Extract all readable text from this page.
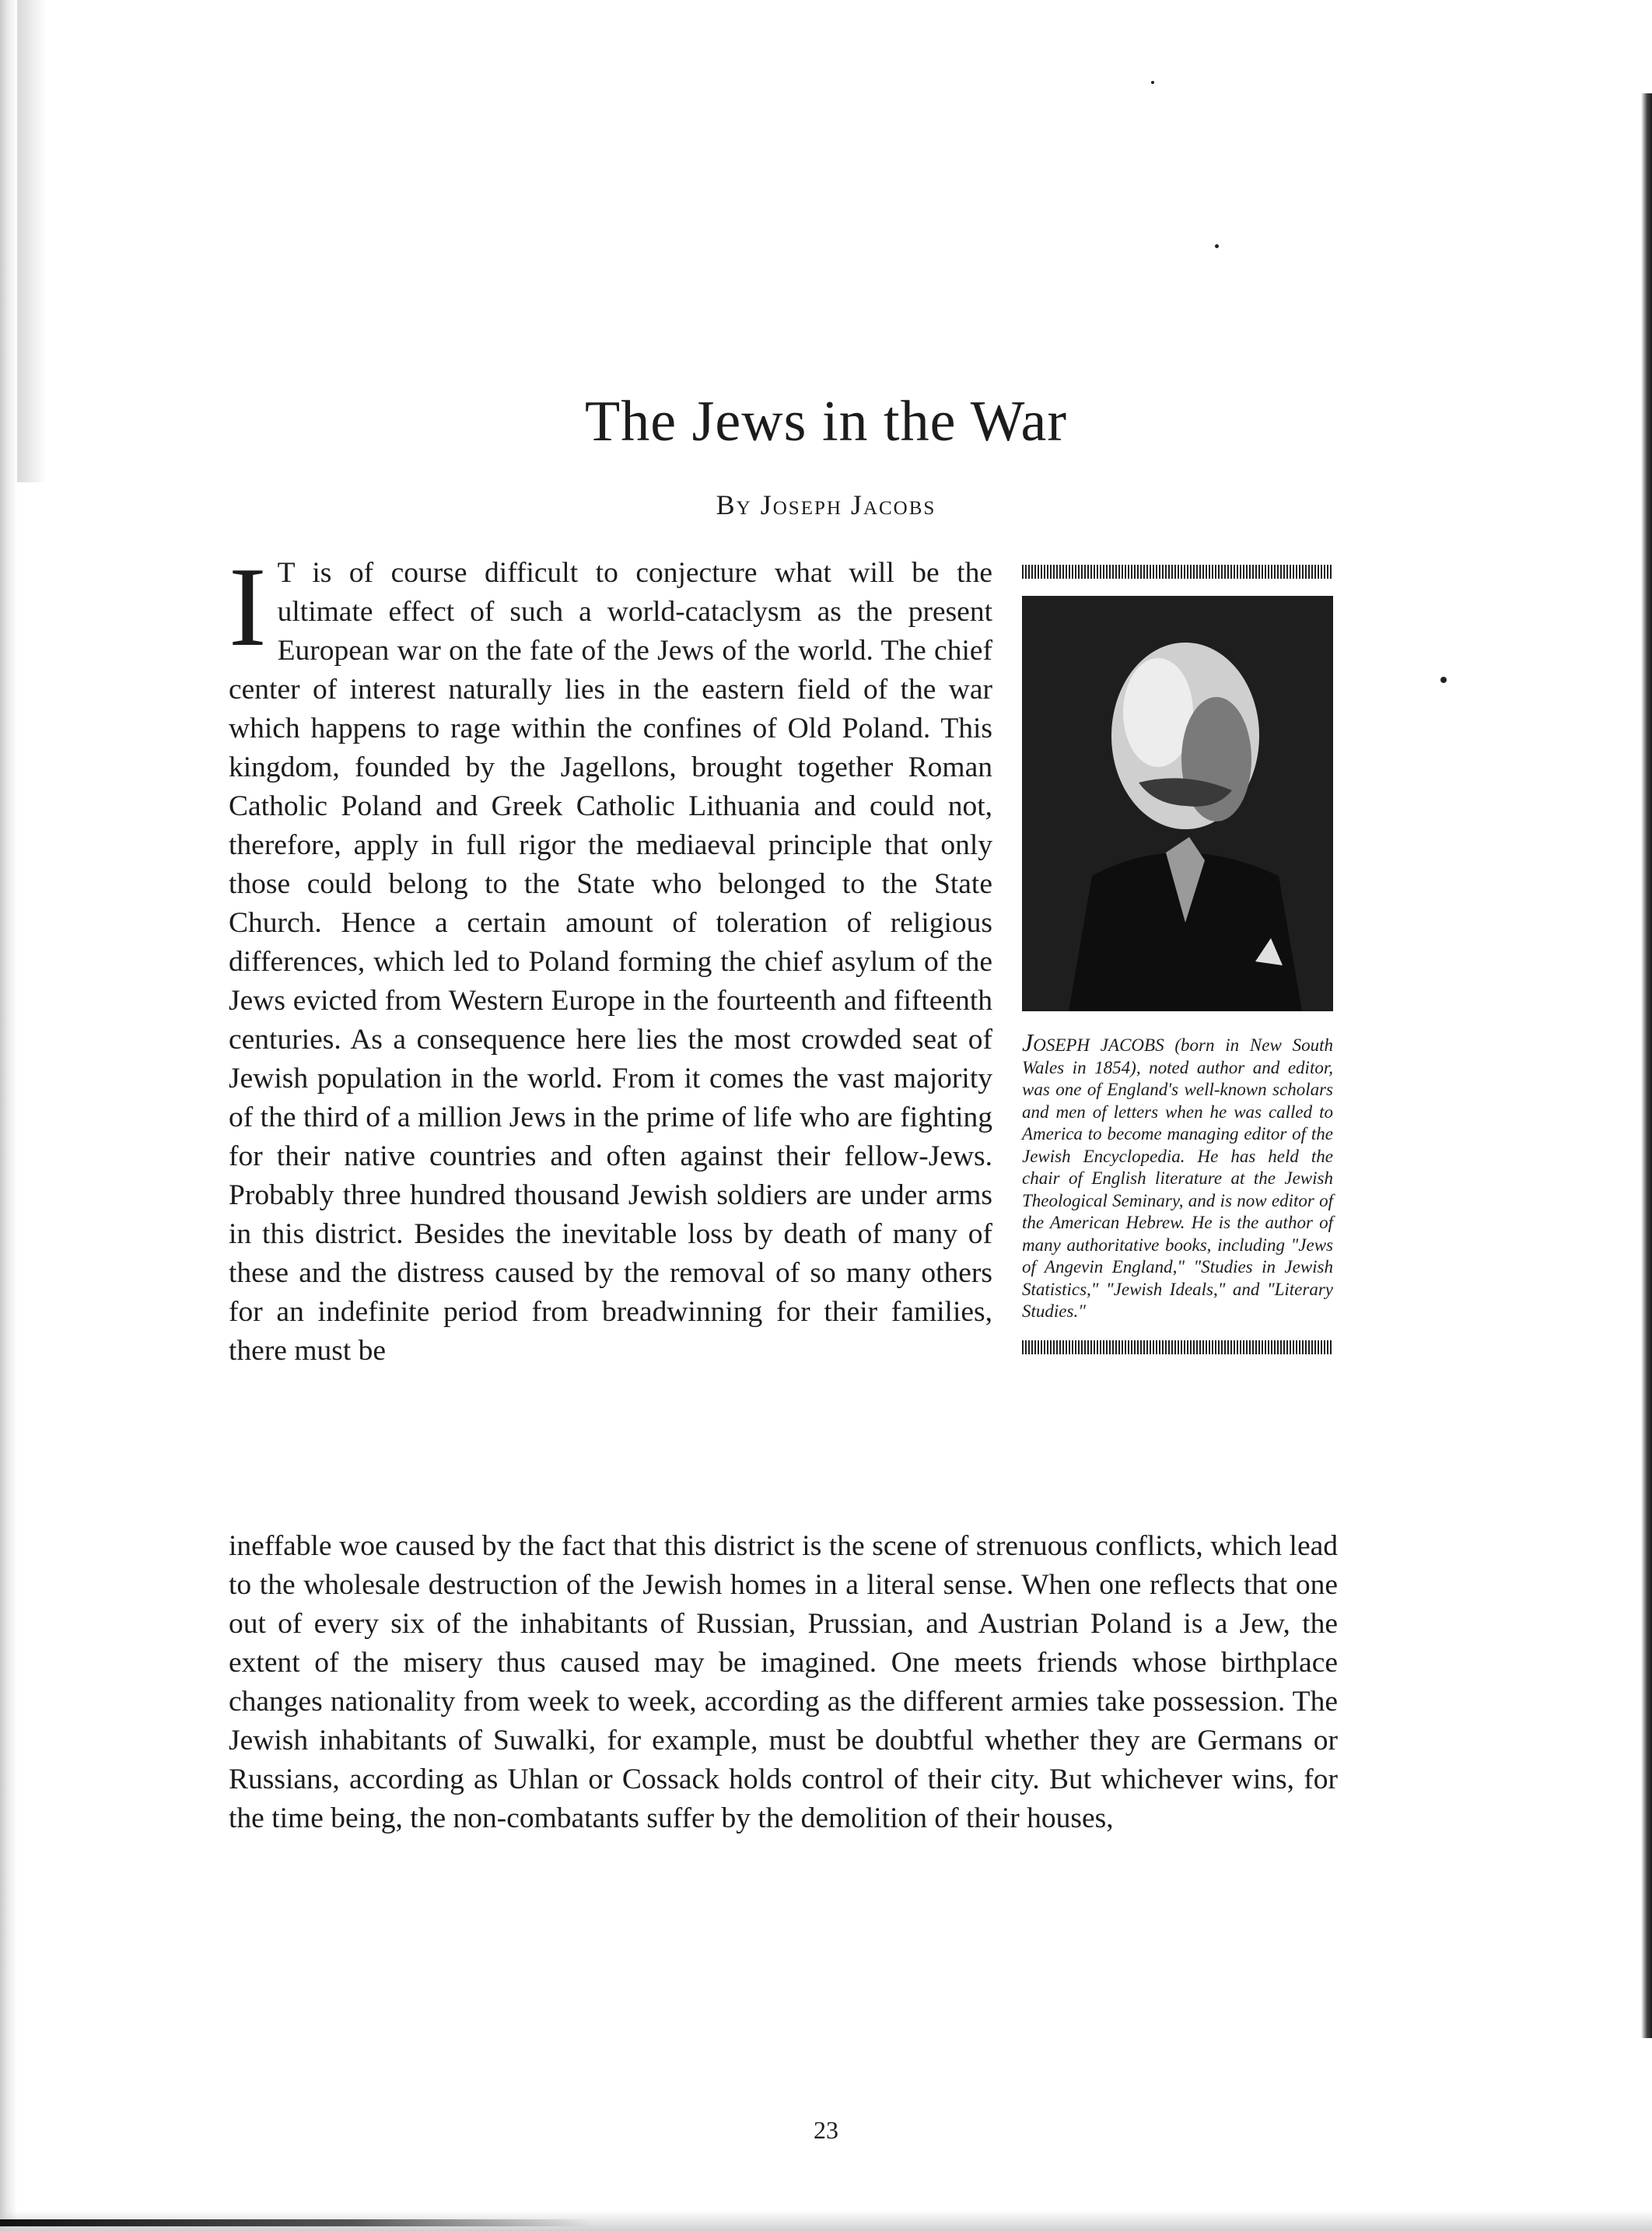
The Jews in the War
By Joseph Jacobs
I T is of course difficult to conjecture what will be the ultimate effect of such a world-cataclysm as the present European war on the fate of the Jews of the world. The chief center of interest naturally lies in the eastern field of the war which happens to rage within the confines of Old Poland. This kingdom, founded by the Jagellons, brought together Roman Catholic Poland and Greek Catholic Lithuania and could not, therefore, apply in full rigor the mediaeval principle that only those could belong to the State who belonged to the State Church. Hence a certain amount of toleration of religious differences, which led to Poland forming the chief asylum of the Jews evicted from Western Europe in the fourteenth and fifteenth centuries. As a consequence here lies the most crowded seat of Jewish population in the world. From it comes the vast majority of the third of a million Jews in the prime of life who are fighting for their native countries and often against their fellow-Jews. Probably three hundred thousand Jewish soldiers are under arms in this district. Besides the inevitable loss by death of many of these and the distress caused by the removal of so many others for an indefinite period from breadwinning for their families, there must be

JOSEPH JACOBS (born in New South Wales in 1854), noted author and editor, was one of England's well-known scholars and men of letters when he was called to America to become managing editor of the Jewish Encyclopedia. He has held the chair of English literature at the Jewish Theological Seminary, and is now editor of the American Hebrew. He is the author of many authoritative books, including "Jews of Angevin England," "Studies in Jewish Statistics," "Jewish Ideals," and "Literary Studies."

ineffable woe caused by the fact that this district is the scene of strenuous conflicts, which lead to the wholesale destruction of the Jewish homes in a literal sense. When one reflects that one out of every six of the inhabitants of Russian, Prussian, and Austrian Poland is a Jew, the extent of the misery thus caused may be imagined. One meets friends whose birthplace changes nationality from week to week, according as the different armies take possession. The Jewish inhabitants of Suwalki, for example, must be doubtful whether they are Germans or Russians, according as Uhlan or Cossack holds control of their city. But whichever wins, for the time being, the non-combatants suffer by the demolition of their houses,

23
